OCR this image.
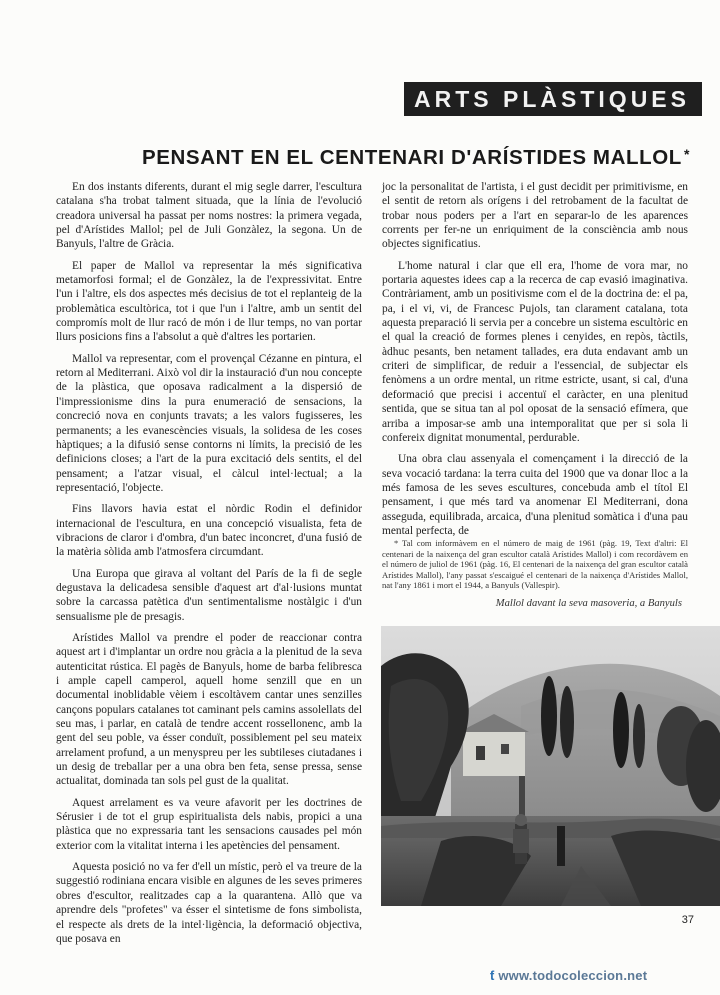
ARTS PLÀSTIQUES
PENSANT EN EL CENTENARI D'ARÍSTIDES MALLOL *

En dos instants diferents, durant el mig segle darrer, l'escultura catalana s'ha trobat talment situada, que la línia de l'evolució creadora universal ha passat per noms nostres: la primera vegada, pel d'Arístides Mallol; pel de Juli Gonzàlez, la segona. Un de Banyuls, l'altre de Gràcia.

El paper de Mallol va representar la més significativa metamorfosi formal; el de Gonzàlez, la de l'expressivitat. Entre l'un i l'altre, els dos aspectes més decisius de tot el replanteig de la problemàtica escultòrica, tot i que l'un i l'altre, amb un sentit del compromís molt de llur racó de món i de llur temps, no van portar llurs posicions fins a l'absolut a què d'altres les portarien.

Mallol va representar, com el provençal Cézanne en pintura, el retorn al Mediterrani. Això vol dir la instauració d'un nou concepte de la plàstica, que oposava radicalment a la dispersió de l'impressionisme dins la pura enumeració de sensacions, la concreció nova en conjunts travats; a les valors fugisseres, les permanents; a les evanescències visuals, la solidesa de les coses hàptiques; a la difusió sense contorns ni límits, la precisió de les definicions closes; a l'art de la pura excitació dels sentits, el del pensament; a l'atzar visual, el càlcul intel·lectual; a la representació, l'objecte.

Fins llavors havia estat el nòrdic Rodin el definidor internacional de l'escultura, en una concepció visualista, feta de vibracions de claror i d'ombra, d'un batec inconcret, d'una fusió de la matèria sòlida amb l'atmosfera circumdant.

Una Europa que girava al voltant del París de la fi de segle degustava la delicadesa sensible d'aquest art d'al·lusions muntat sobre la carcassa patètica d'un sentimentalisme nostàlgic i d'un sensualisme ple de presagis.

Arístides Mallol va prendre el poder de reaccionar contra aquest art i d'implantar un ordre nou gràcia a la plenitud de la seva autenticitat rústica. El pagès de Banyuls, home de barba felibresca i ample capell camperol, aquell home senzill que en un documental inoblidable vèiem i escoltàvem cantar unes senzilles cançons populars catalanes tot caminant pels camins assolellats del seu mas, i parlar, en català de tendre accent rossellonenc, amb la gent del seu poble, va ésser conduït, possiblement pel seu mateix arrelament profund, a un menyspreu per les subtileses ciutadanes i un desig de treballar per a una obra ben feta, sense pressa, sense actualitat, dominada tan sols pel gust de la qualitat.

Aquest arrelament es va veure afavorit per les doctrines de Sérusier i de tot el grup espiritualista dels nabis, propici a una plàstica que no expressaria tant les sensacions causades pel món exterior com la vitalitat interna i les apetències del pensament.

Aquesta posició no va fer d'ell un místic, però el va treure de la suggestió rodiniana encara visible en algunes de les seves primeres obres d'escultor, realitzades cap a la quarantena. Allò que va aprendre dels "profetes" va ésser el sintetisme de fons simbolista, el respecte als drets de la intel·ligència, la deformació objectiva, que posava en

joc la personalitat de l'artista, i el gust decidit per primitivisme, en el sentit de retorn als orígens i del retrobament de la facultat de trobar nous poders per a l'art en separar-lo de les aparences corrents per fer-ne un enriquiment de la consciència amb nous objectes significatius.

L'home natural i clar que ell era, l'home de vora mar, no portaria aquestes idees cap a la recerca de cap evasió imaginativa. Contràriament, amb un positivisme com el de la doctrina de: el pa, pa, i el vi, vi, de Francesc Pujols, tan clarament catalana, tota aquesta preparació li servia per a concebre un sistema escultòric en el qual la creació de formes plenes i cenyides, en repòs, tàctils, àdhuc pesants, ben netament tallades, era duta endavant amb un criteri de simplificar, de reduir a l'essencial, de subjectar els fenòmens a un ordre mental, un ritme estricte, usant, si cal, d'una deformació que precisi i accentuï el caràcter, en una plenitud sentida, que se situa tan al pol oposat de la sensació efímera, que arriba a imposar-se amb una intemporalitat que per si sola li confereix dignitat monumental, perdurable.

Una obra clau assenyala el començament i la direcció de la seva vocació tardana: la terra cuita del 1900 que va donar lloc a la més famosa de les seves escultures, concebuda amb el títol El pensament, i que més tard va anomenar El Mediterrani, dona asseguda, equilibrada, arcaica, d'una plenitud somàtica i d'una pau mental perfecta, de

* Tal com informàvem en el número de maig de 1961 (pàg. 19, Text d'altri: El centenari de la naixença del gran escultor català Arístides Mallol) i com recordàvem en el número de juliol de 1961 (pàg. 16, El centenari de la naixença del gran escultor català Arístides Mallol), l'any passat s'escaigué el centenari de la naixença d'Arístides Mallol, nat l'any 1861 i mort el 1944, a Banyuls (Vallespir).

Mallol davant la seva masoveria, a Banyuls
37
ƭ www.todocoleccion.net
